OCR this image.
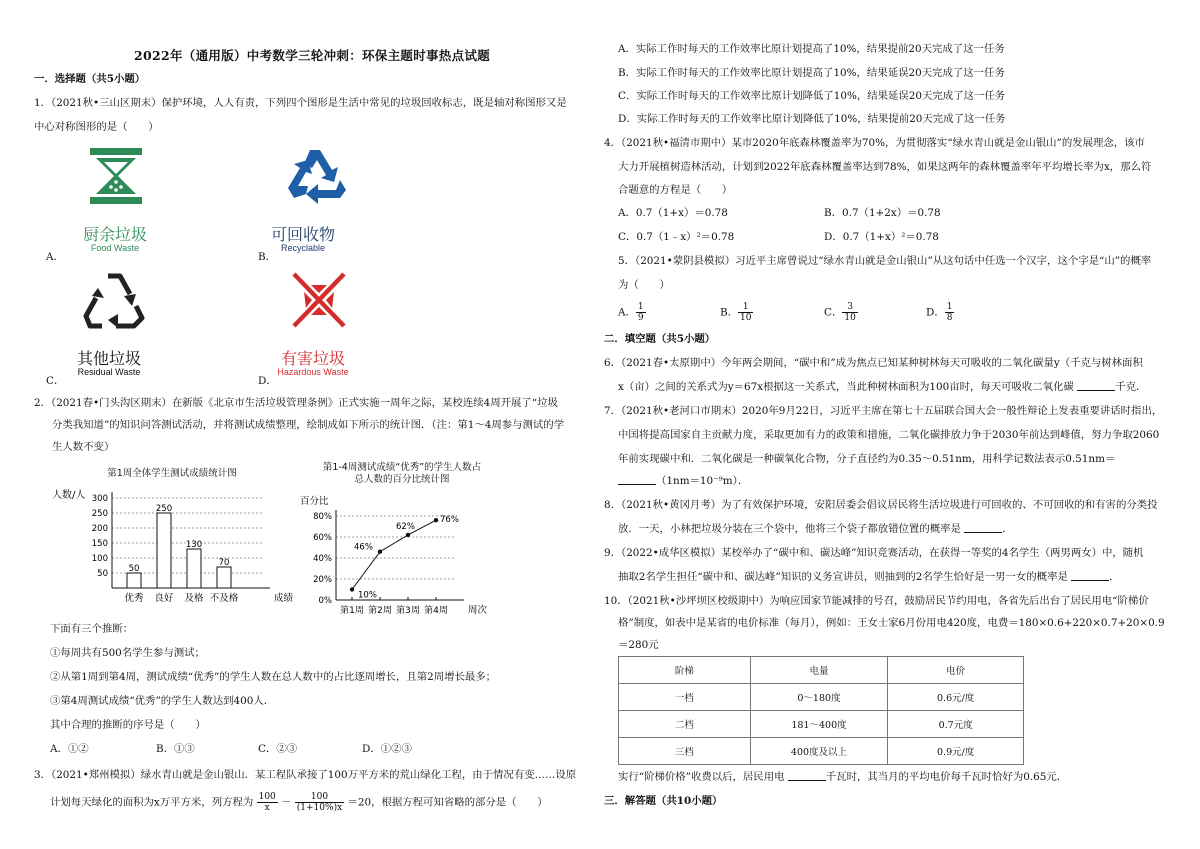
2022年（通用版）中考数学三轮冲刺：环保主题时事热点试题
一．选择题（共5小题）
1．（2021秋•三山区期末）保护环境，人人有责，下列四个图形是生活中常见的垃圾回收标志，既是轴对称图形又是
中心对称图形的是（　　）
厨余垃圾
Food Waste
A．
可回收物
Recyclable
B．
其他垃圾
Residual Waste
C．
有害垃圾
Hazardous Waste
D．
2．（2021春•门头沟区期末）在新版《北京市生活垃圾管理条例》正式实施一周年之际，某校连续4周开展了“垃圾
分类我知道”的知识问答测试活动，并将测试成绩整理，绘制成如下所示的统计图．（注：第1～4周参与测试的学
生人数不变）
第1周全体学生测试成绩统计图
人数/人
50
100
150
200
250
300
50
优秀
250
良好
130
及格
70
不及格	成绩
第1-4周测试成绩“优秀”的学生人数占总人数的百分比统计图
百分比
0%
20%
40%
60%
80%
10%
第1周
46%
第2周
62%
第3周
76%
第4周 周次
下面有三个推断：
①每周共有500名学生参与测试；
②从第1周到第4周，测试成绩“优秀”的学生人数在总人数中的占比逐周增长，且第2周增长最多；
③第4周测试成绩“优秀”的学生人数达到400人．
其中合理的推断的序号是（　　）
A．①②	B．①③	C．②③	D．①②③
3．（2021•郑州模拟）绿水青山就是金山银山．某工程队承接了100万平方米的荒山绿化工程，由于情况有变……设原
计划每天绿化的面积为x万平方米，列方程为 $\frac{100}{x} - \frac{100}{(1+10\%)x} =20$，根据方程可知省略的部分是（　　）
A．实际工作时每天的工作效率比原计划提高了10%，结果提前20天完成了这一任务
B．实际工作时每天的工作效率比原计划提高了10%，结果延误20天完成了这一任务
C．实际工作时每天的工作效率比原计划降低了10%，结果延误20天完成了这一任务
D．实际工作时每天的工作效率比原计划降低了10%，结果提前20天完成了这一任务
4．（2021秋•福清市期中）某市2020年底森林覆盖率为70%，为贯彻落实“绿水青山就是金山银山”的发展理念，该市
大力开展植树造林活动，计划到2022年底森林覆盖率达到78%，如果这两年的森林覆盖率年平均增长率为x，那么符
合题意的方程是（　　）
A．0.7（1+x）＝0.78	B．0.7（1+2x）＝0.78
C．0.7（1﹣x）²＝0.78	D．0.7（1+x）²＝0.78
5．（2021•蒙阴县模拟）习近平主席曾说过“绿水青山就是金山银山”从这句话中任选一个汉字，这个字是“山”的概率
为（　　）
A． $\frac{1}{9}$	B． $\frac{1}{10}$	C． $\frac{3}{10}$	D． $\frac{1}{8}$
二．填空题（共5小题）
6．（2021春•太原期中）今年两会期间，“碳中和”成为焦点已知某种树林每天可吸收的二氧化碳量y（千克与树林面积
x（亩）之间的关系式为y＝67x根据这一关系式，当此种树林面积为100亩时，每天可吸收二氧化碳	千克．
7．（2021秋•老河口市期末）2020年9月22日，习近平主席在第七十五届联合国大会一般性辩论上发表重要讲话时指出，
中国将提高国家自主贡献力度，采取更加有力的政策和措施，二氧化碳排放力争于2030年前达到峰值，努力争取2060
年前实现碳中和．二氧化碳是一种碳氧化合物，分子直径约为0.35～0.51nm，用科学记数法表示0.51nm＝
（1nm＝10⁻⁹m）．
8．（2021秋•黄冈月考）为了有效保护环境，安阳居委会倡议居民将生活垃圾进行可回收的、不可回收的和有害的分类投
放．一天，小林把垃圾分装在三个袋中，他将三个袋子都放错位置的概率是	．
9．（2022•成华区模拟）某校举办了“碳中和、碳达峰”知识竞赛活动，在获得一等奖的4名学生（两男两女）中，随机
抽取2名学生担任“碳中和、碳达峰”知识的义务宣讲员，则抽到的2名学生恰好是一男一女的概率是	．
10．（2021秋•沙坪坝区校级期中）为响应国家节能减排的号召，鼓励居民节约用电，各省先后出台了居民用电“阶梯价
格”制度，如表中是某省的电价标准（每月），例如：王女士家6月份用电420度，电费＝180×0.6+220×0.7+20×0.9
＝280元
阶梯	电量	电价
一档	0～180度	0.6元/度
二档	181～400度	0.7元度
三档	400度及以上	0.9元/度
实行“阶梯价格”收费以后，居民用电	千瓦时，其当月的平均电价每千瓦时恰好为0.65元．
三．解答题（共10小题）
